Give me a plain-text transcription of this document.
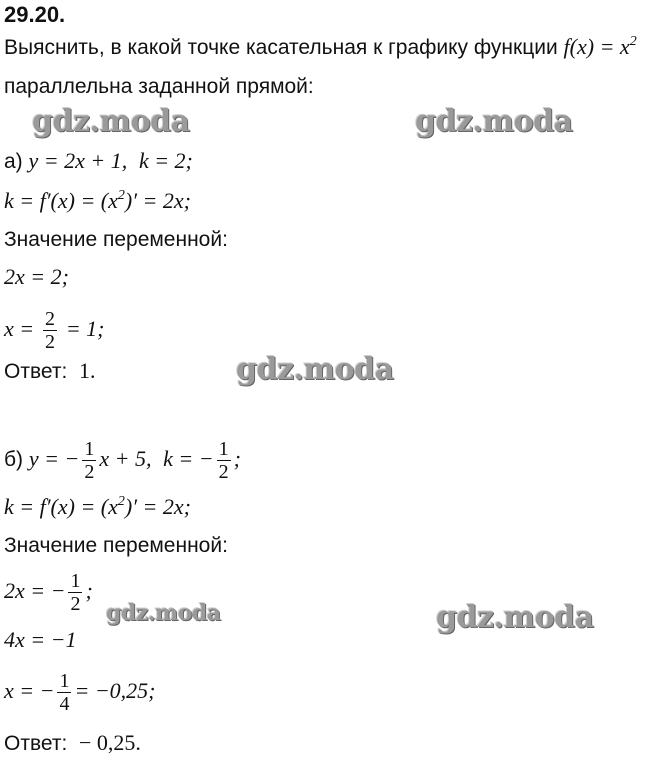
29.20.
Выяснить, в какой точке касательная к графику функции $f(x) = x^2$
параллельна заданной прямой:
а) y = 2x + 1, k = 2;
$k = f'(x) = (x^2)' = 2x$;
Значение переменной:
2x = 2;
$x = \frac{2}{2} = 1$;
Ответ: 1.
б) y = − $\frac{1}{2}$ x + 5, k = − $\frac{1}{2}$ ;
$k = f'(x) = (x^2)' = 2x$;
Значение переменной:
2x = − $\frac{1}{2}$ ;
4x = −1
x = − $\frac{1}{4} = -0,25$;
Ответ: − 0,25.
gdz.moda	gdz.moda
gdz.moda
gdz.moda	gdz.moda
